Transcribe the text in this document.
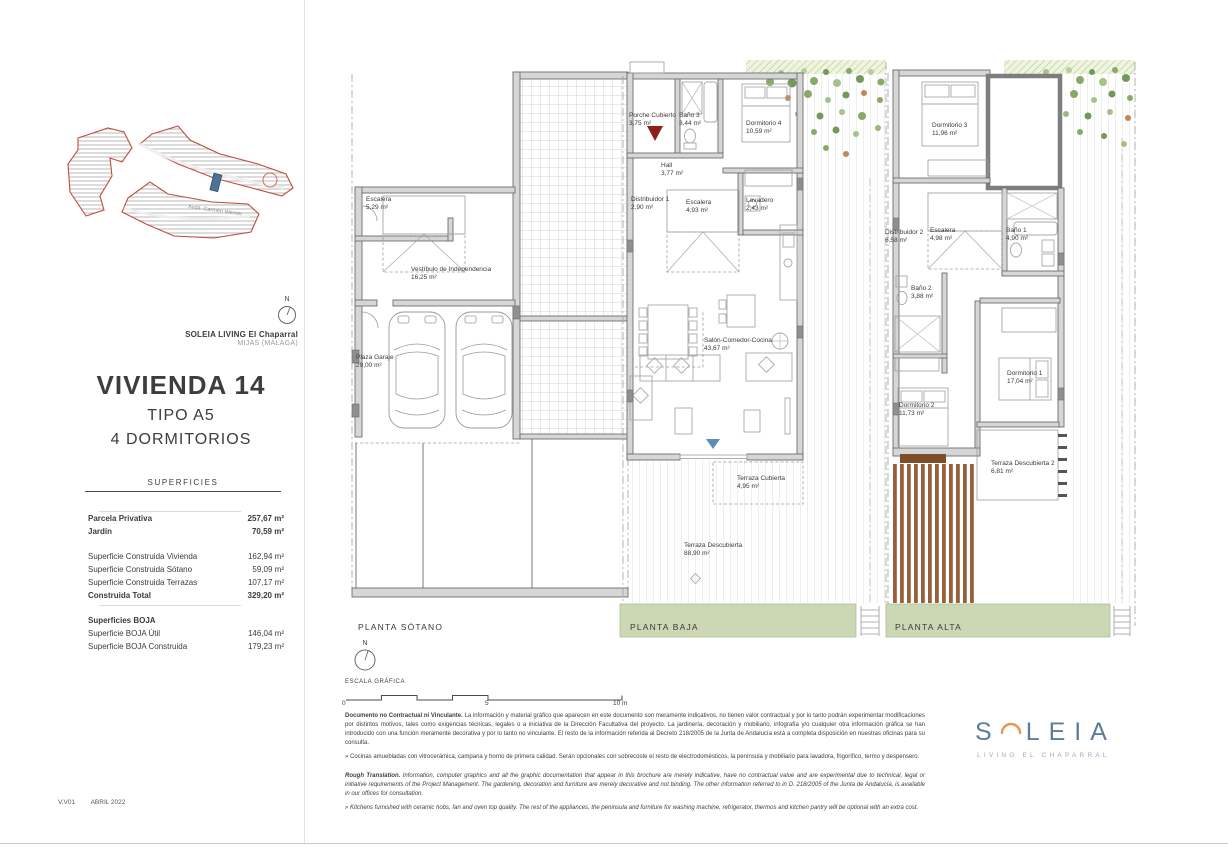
Avda. Carmen Werner
N
SOLEIA LIVING El Chaparral
MIJAS (MÁLAGA)
VIVIENDA 14
TIPO A5
4 DORMITORIOS
SUPERFICIES
Parcela Privativa	257,67 m²
Jardín	70,59 m²
Superficie Construida Vivienda	162,94 m²
Superficie Construida Sótano	59,09 m²
Superficie Construida Terrazas	107,17 m²
Construida Total	329,20 m²
Superficies BOJA
Superficie BOJA Útil	146,04 m²
Superficie BOJA Construida	179,23 m²
Escalera
5,29 m²
Vestíbulo de Independencia
16,25 m²
Plaza Garaje
29,00 m²
Porche Cubierto
3,75 m²
Baño 3
3,44 m²	Dormitorio 4
10,59 m²
Hall
3,77 m²
Distribuidor 1
2,90 m²
Escalera
4,93 m²
Lavadero
2,43 m²
Salón-Comedor-Cocina
43,67 m²
Terraza Cubierta
4,95 m²
Terraza Descubierta
88,90 m²
Dormitorio 3
11,96 m²
Distribuidor 2
6,58 m²
Escalera
4,98 m²
Baño 1
4,90 m²
Baño 2
3,88 m²
Dormitorio 2
11,73 m²
Dormitorio 1
17,04 m²
Terraza Descubierta 2
6,81 m²
PLANTA SÓTANO	PLANTA BAJA	PLANTA ALTA
N
ESCALA GRÁFICA
0	5	10 m

Documento no Contractual ni Vinculante. La información y material gráfico que aparecen en este documento son meramente indicativos, no tienen valor contractual y por lo tanto podrán experimentar modificaciones por distintos motivos, tales como exigencias técnicas, legales o a iniciativa de la Dirección Facultativa del proyecto. La jardinería, decoración y mobiliario, infografía y/o cualquier otra información gráfica se han introducido con una función meramente decorativa y por lo tanto no vinculante. El resto de la información referida al Decreto 218/2005 de la Junta de Andalucía está a completa disposición en nuestras oficinas para su consulta.

» Cocinas amuebladas con vitrocerámica, campana y horno de primera calidad. Serán opcionales con sobrecoste el resto de electrodomésticos, la península y mobiliario para lavadora, frigorífico, termo y despensero.

Rough Translation. Information, computer graphics and all the graphic documentation that appear in this brochure are merely indicative, have no contractual value and are experimental due to technical, legal or initiative requirements of the Project Management. The gardening, decoration and furniture are merely decorative and not binding. The other information referred to in D. 218/2005 of the Junta de Andalucía, is available in our offices for consultation.

» Kitchens furnished with ceramic hobs, fan and oven top quality. The rest of the appliances, the peninsula and furniture for washing machine, refrigerator, thermos and kitchen pantry will be optional with an extra cost.

S LEIA
LIVING EL CHAPARRAL
V.V01 ABRIL 2022
